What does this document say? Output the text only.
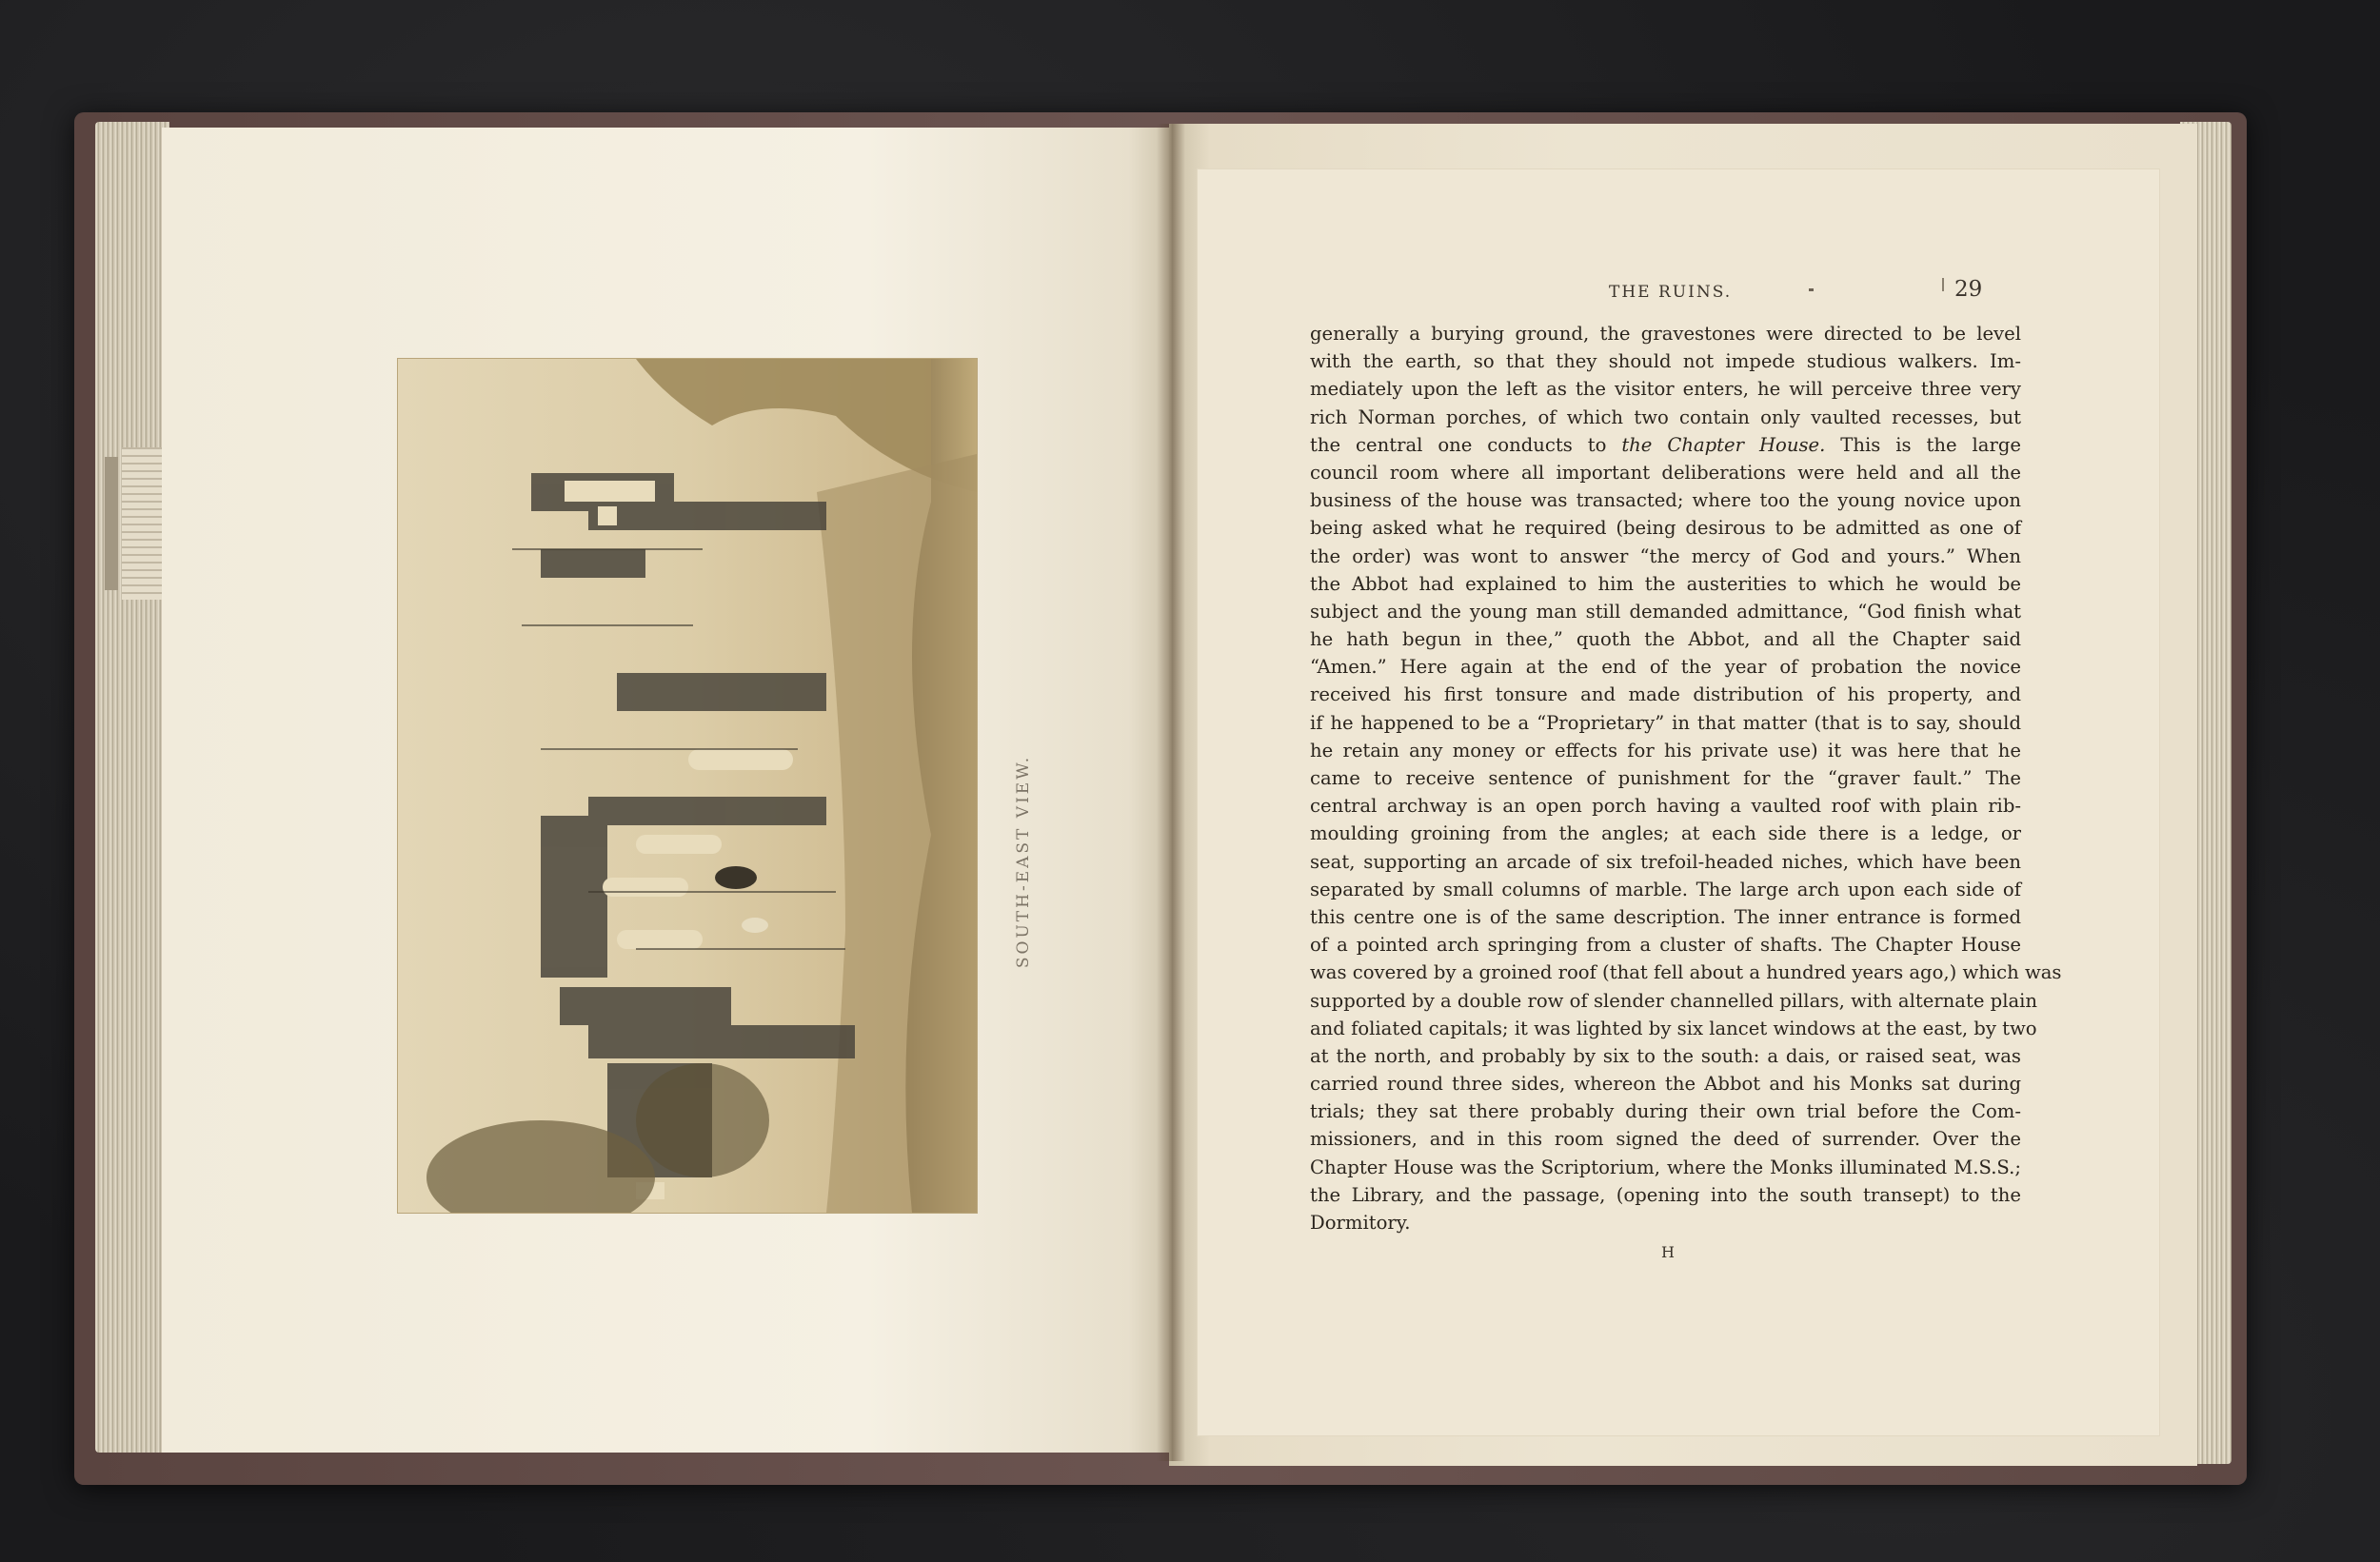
SOUTH-EAST VIEW.
THE RUINS.	29
generally a burying ground, the gravestones were directed to be level
with the earth, so that they should not impede studious walkers. Im-
mediately upon the left as the visitor enters, he will perceive three very
rich Norman porches, of which two contain only vaulted recesses, but
the central one conducts to the Chapter House. This is the large
council room where all important deliberations were held and all the
business of the house was transacted; where too the young novice upon
being asked what he required (being desirous to be admitted as one of
the order) was wont to answer “the mercy of God and yours.” When
the Abbot had explained to him the austerities to which he would be
subject and the young man still demanded admittance, “God finish what
he hath begun in thee,” quoth the Abbot, and all the Chapter said
“Amen.” Here again at the end of the year of probation the novice
received his first tonsure and made distribution of his property, and
if he happened to be a “Proprietary” in that matter (that is to say, should
he retain any money or effects for his private use) it was here that he
came to receive sentence of punishment for the “graver fault.” The
central archway is an open porch having a vaulted roof with plain rib-
moulding groining from the angles; at each side there is a ledge, or
seat, supporting an arcade of six trefoil-headed niches, which have been
separated by small columns of marble. The large arch upon each side of
this centre one is of the same description. The inner entrance is formed
of a pointed arch springing from a cluster of shafts. The Chapter House
was covered by a groined roof (that fell about a hundred years ago,) which was
supported by a double row of slender channelled pillars, with alternate plain
and foliated capitals; it was lighted by six lancet windows at the east, by two
at the north, and probably by six to the south: a dais, or raised seat, was
carried round three sides, whereon the Abbot and his Monks sat during
trials; they sat there probably during their own trial before the Com-
missioners, and in this room signed the deed of surrender. Over the
Chapter House was the Scriptorium, where the Monks illuminated M.S.S.;
the Library, and the passage, (opening into the south transept) to the
Dormitory.
H
